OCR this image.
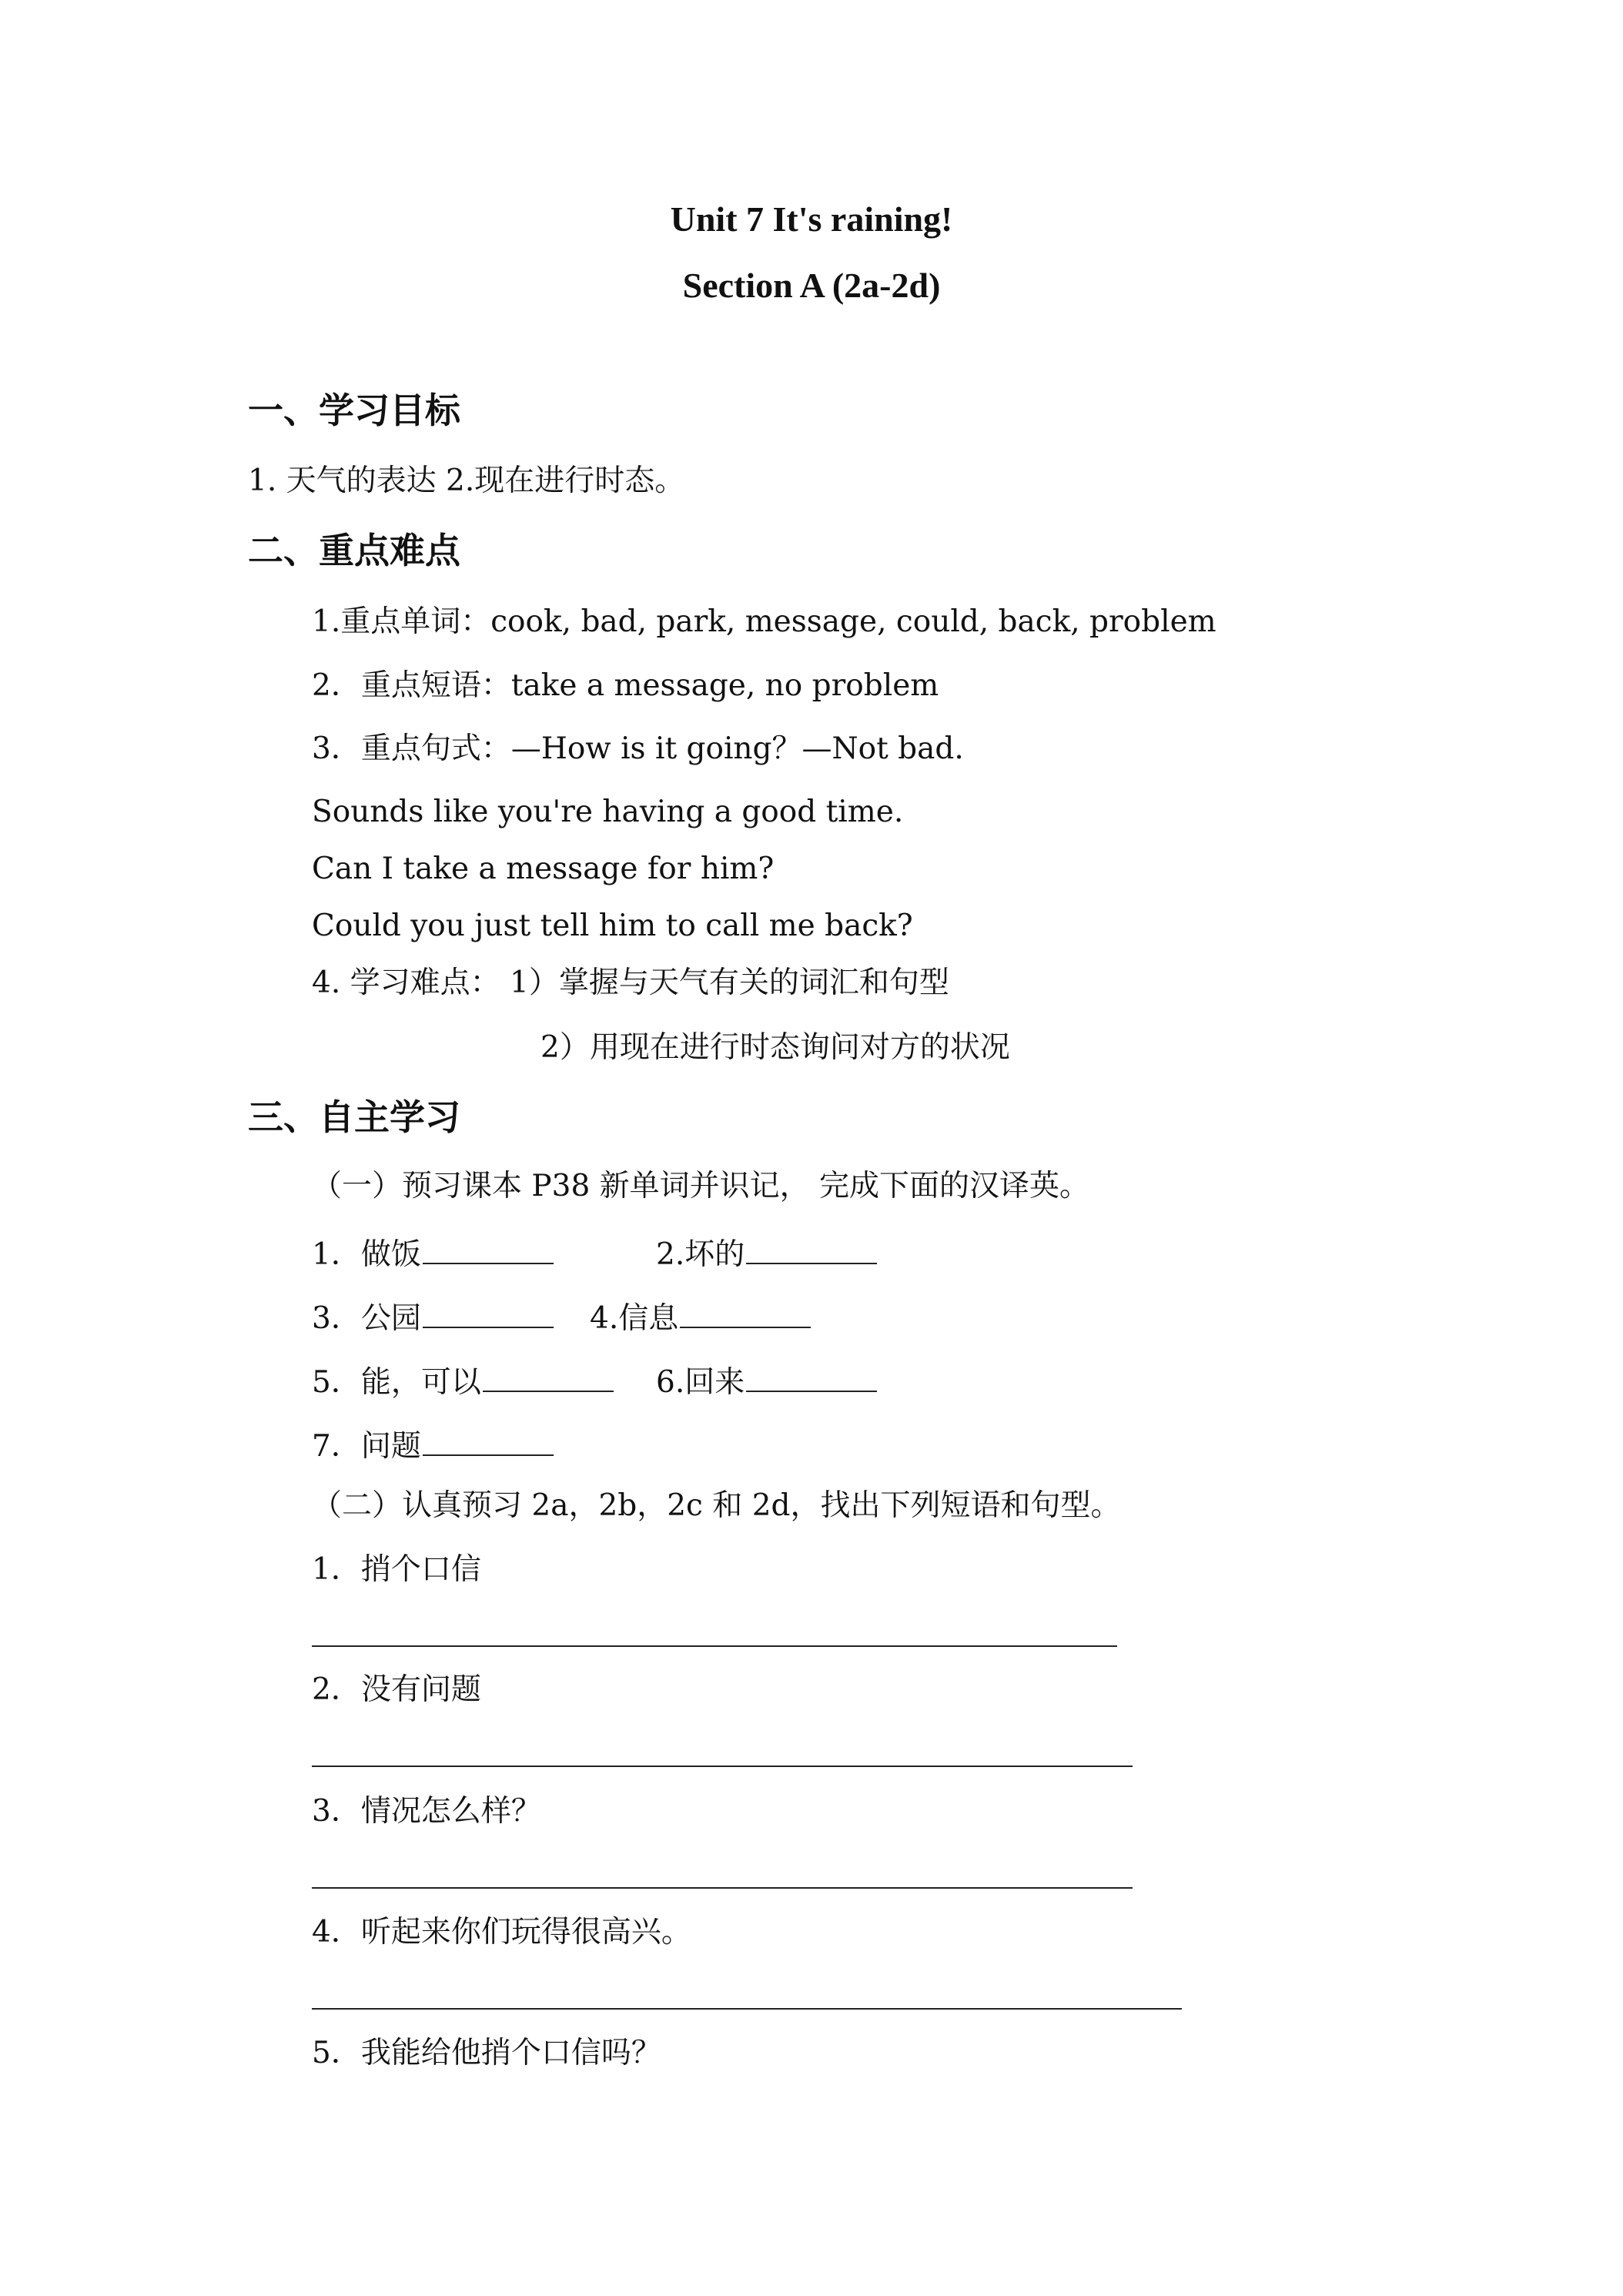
Unit 7 It's raining!
Section A (2a-2d)
一、学习目标
1. 天气的表达 2.现在进行时态。
二、重点难点
1.重点单词：cook, bad, park, message, could, back, problem
2．重点短语：take a message, no problem
3．重点句式：—How is it going？—Not bad.
Sounds like you're having a good time.
Can I take a message for him?
Could you just tell him to call me back?
4. 学习难点： 1）掌握与天气有关的词汇和句型
2）用现在进行时态询问对方的状况
三、自主学习
（一）预习课本 P38 新单词并识记， 完成下面的汉译英。
1．做饭	2.坏的
3．公园	4.信息
5．能，可以	6.回来
7．问题
（二）认真预习 2a，2b，2c 和 2d，找出下列短语和句型。
1．捎个口信
2．没有问题
3．情况怎么样？
4．听起来你们玩得很高兴。
5．我能给他捎个口信吗？
